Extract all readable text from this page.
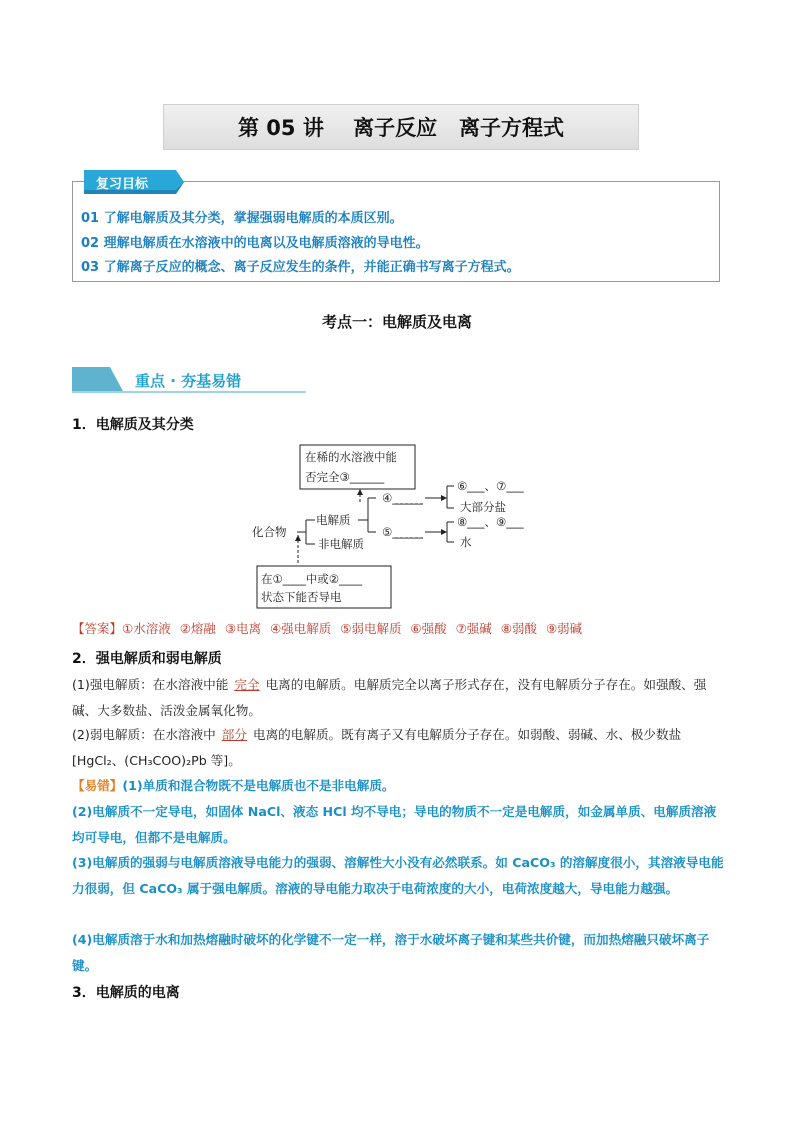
第 05 讲    离子反应   离子方程式
复习目标
01 了解电解质及其分类，掌握强弱电解质的本质区别。
02 理解电解质在水溶液中的电离以及电解质溶液的导电性。
03 了解离子反应的概念、离子反应发生的条件，并能正确书写离子方程式。
考点一：电解质及电离
重点 · 夯基易错
1．电解质及其分类
在稀的水溶液中能
否完全③______
在①____中或②____
状态下能否导电
化合物
电解质
非电解质
④_____
⑤_____
⑥___、⑦___
大部分盐
⑧___、⑨___
水
【答案】①水溶液 ②熔融 ③电离 ④强电解质 ⑤弱电解质 ⑥强酸 ⑦强碱 ⑧弱酸 ⑨弱碱
2．强电解质和弱电解质
(1)强电解质：在水溶液中能 完全 电离的电解质。电解质完全以离子形式存在，没有电解质分子存在。如强酸、强碱、大多数盐、活泼金属氧化物。
(2)弱电解质：在水溶液中 部分 电离的电解质。既有离子又有电解质分子存在。如弱酸、弱碱、水、极少数盐[HgCl₂、(CH₃COO)₂Pb 等]。
【易错】(1)单质和混合物既不是电解质也不是非电解质。
(2)电解质不一定导电，如固体 NaCl、液态 HCl 均不导电；导电的物质不一定是电解质，如金属单质、电解质溶液均可导电，但都不是电解质。
(3)电解质的强弱与电解质溶液导电能力的强弱、溶解性大小没有必然联系。如 CaCO₃ 的溶解度很小，其溶液导电能力很弱，但 CaCO₃ 属于强电解质。溶液的导电能力取决于电荷浓度的大小，电荷浓度越大，导电能力越强。
(4)电解质溶于水和加热熔融时破坏的化学键不一定一样，溶于水破坏离子键和某些共价键，而加热熔融只破坏离子键。
3．电解质的电离
